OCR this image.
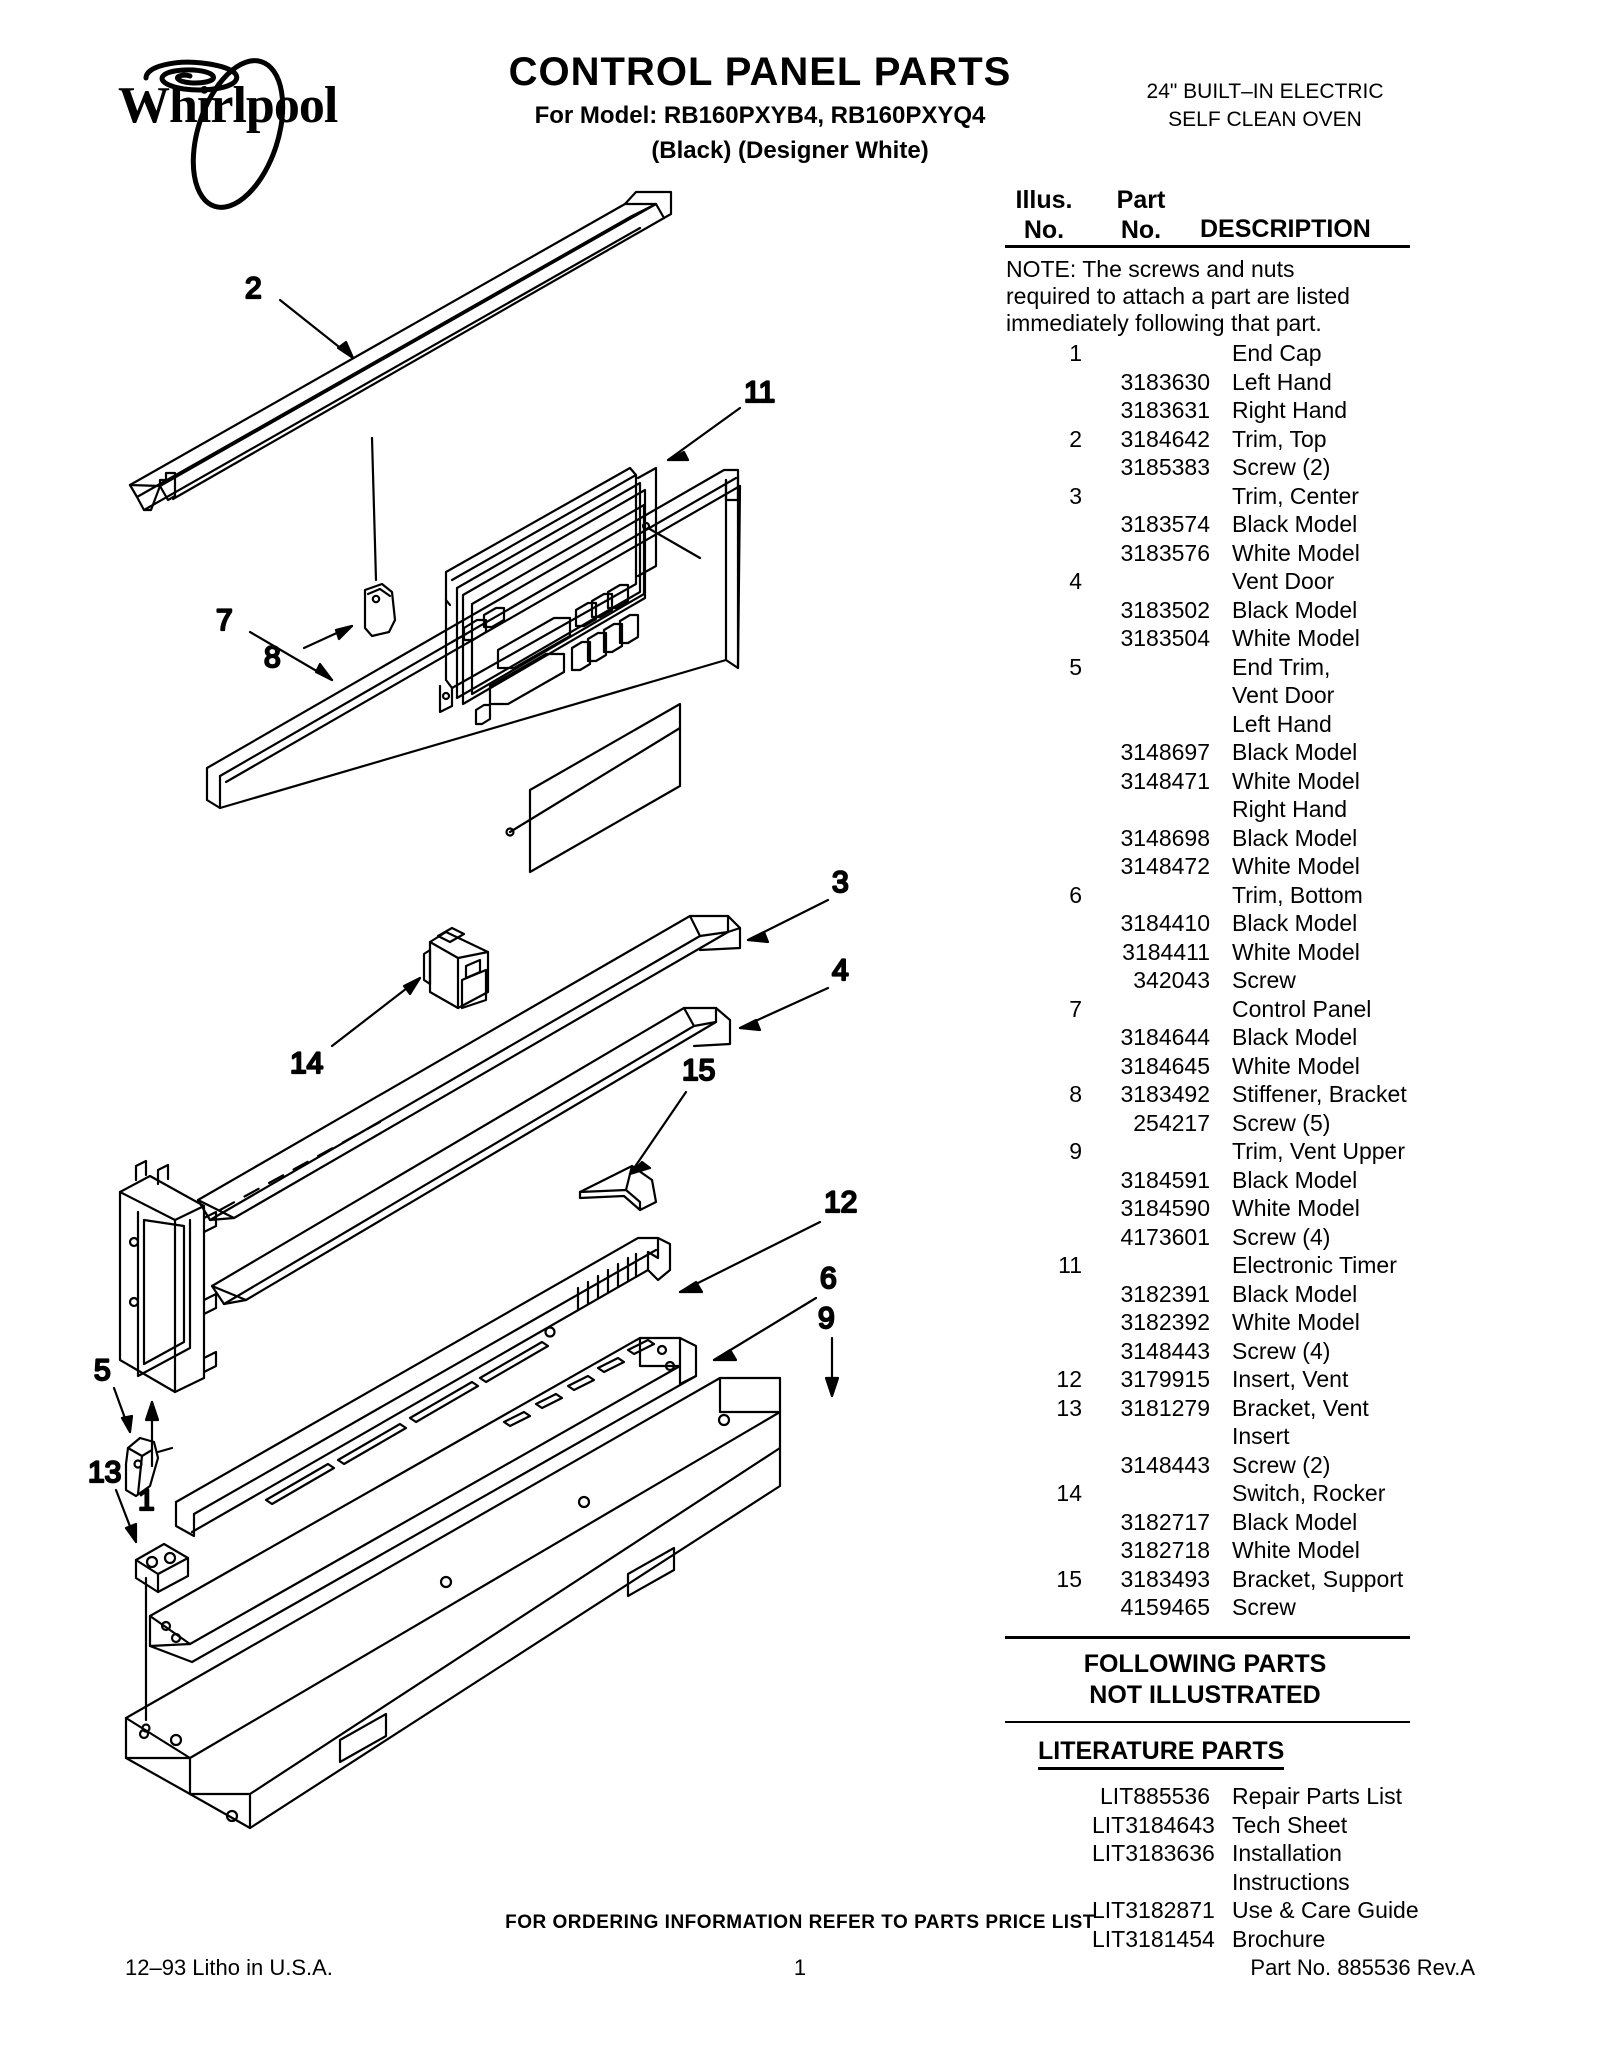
Whirlpool
CONTROL PANEL PARTS
For Model: RB160PXYB4, RB160PXYQ4
(Black) (Designer White)
24" BUILT–IN ELECTRIC
SELF CLEAN OVEN
2
8
11
7
1
14	15
3
4
5
12
6
13
9
Illus.
No.
Part
No.	DESCRIPTION
NOTE: The screws and nuts required to attach a part are listed immediately following that part.
1	End Cap
3183630 Left Hand
3183631 Right Hand
2	3184642 Trim, Top
3185383 Screw (2)
3	Trim, Center
3183574 Black Model
3183576 White Model
4	Vent Door
3183502 Black Model
3183504 White Model
5	End Trim,
Vent Door
Left Hand
3148697 Black Model
3148471 White Model
Right Hand
3148698 Black Model
3148472 White Model
6	Trim, Bottom
3184410 Black Model
3184411 White Model
342043 Screw
7	Control Panel
3184644 Black Model
3184645 White Model
8	3183492 Stiffener, Bracket
254217 Screw (5)
9	Trim, Vent Upper
3184591 Black Model
3184590 White Model
4173601 Screw (4)
11	Electronic Timer
3182391 Black Model
3182392 White Model
3148443 Screw (4)
12	3179915 Insert, Vent
13	3181279 Bracket, Vent
Insert
3148443 Screw (2)
14	Switch, Rocker
3182717 Black Model
3182718 White Model
15	3183493 Bracket, Support
4159465 Screw
FOLLOWING PARTS
NOT ILLUSTRATED
LITERATURE PARTS
LIT885536 Repair Parts List
LIT3184643 Tech Sheet
LIT3183636 Installation
Instructions
LIT3182871 Use & Care Guide
LIT3181454 Brochure
FOR ORDERING INFORMATION REFER TO PARTS PRICE LIST
12–93 Litho in U.S.A.	1	Part No. 885536 Rev.A
